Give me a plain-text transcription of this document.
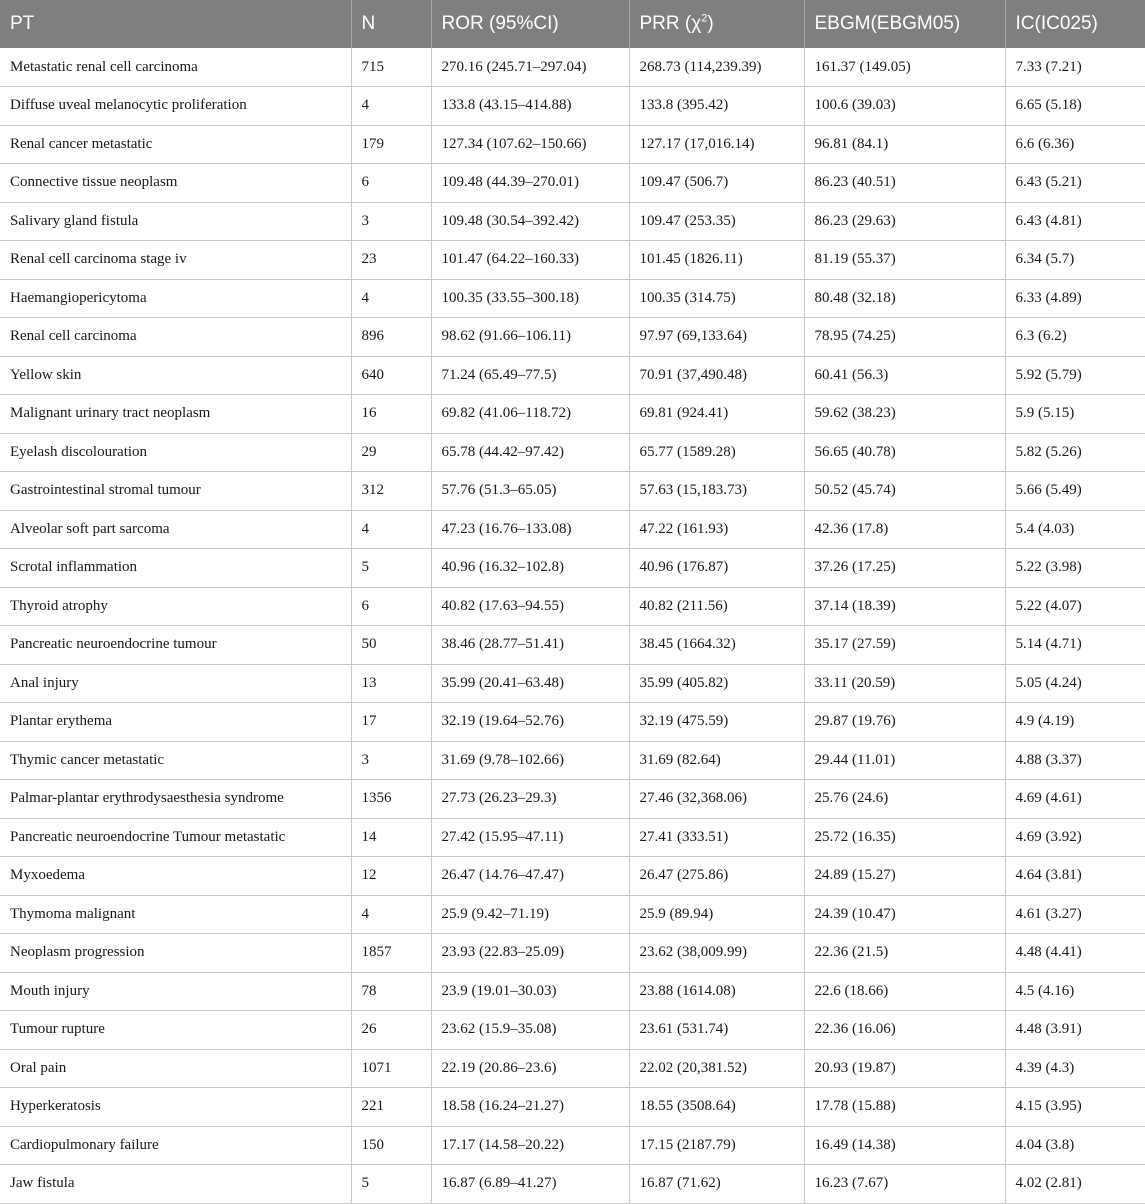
PT	N	ROR (95%CI)	PRR $(\chi^2)$	EBGM(EBGM05)	IC(IC025)
Metastatic renal cell carcinoma	715	270.16 (245.71–297.04)	268.73 (114,239.39)	161.37 (149.05)	7.33 (7.21)
Diffuse uveal melanocytic proliferation	4	133.8 (43.15–414.88)	133.8 (395.42)	100.6 (39.03)	6.65 (5.18)
Renal cancer metastatic	179	127.34 (107.62–150.66)	127.17 (17,016.14)	96.81 (84.1)	6.6 (6.36)
Connective tissue neoplasm	6	109.48 (44.39–270.01)	109.47 (506.7)	86.23 (40.51)	6.43 (5.21)
Salivary gland fistula	3	109.48 (30.54–392.42)	109.47 (253.35)	86.23 (29.63)	6.43 (4.81)
Renal cell carcinoma stage iv	23	101.47 (64.22–160.33)	101.45 (1826.11)	81.19 (55.37)	6.34 (5.7)
Haemangiopericytoma	4	100.35 (33.55–300.18)	100.35 (314.75)	80.48 (32.18)	6.33 (4.89)
Renal cell carcinoma	896	98.62 (91.66–106.11)	97.97 (69,133.64)	78.95 (74.25)	6.3 (6.2)
Yellow skin	640	71.24 (65.49–77.5)	70.91 (37,490.48)	60.41 (56.3)	5.92 (5.79)
Malignant urinary tract neoplasm	16	69.82 (41.06–118.72)	69.81 (924.41)	59.62 (38.23)	5.9 (5.15)
Eyelash discolouration	29	65.78 (44.42–97.42)	65.77 (1589.28)	56.65 (40.78)	5.82 (5.26)
Gastrointestinal stromal tumour	312	57.76 (51.3–65.05)	57.63 (15,183.73)	50.52 (45.74)	5.66 (5.49)
Alveolar soft part sarcoma	4	47.23 (16.76–133.08)	47.22 (161.93)	42.36 (17.8)	5.4 (4.03)
Scrotal inflammation	5	40.96 (16.32–102.8)	40.96 (176.87)	37.26 (17.25)	5.22 (3.98)
Thyroid atrophy	6	40.82 (17.63–94.55)	40.82 (211.56)	37.14 (18.39)	5.22 (4.07)
Pancreatic neuroendocrine tumour	50	38.46 (28.77–51.41)	38.45 (1664.32)	35.17 (27.59)	5.14 (4.71)
Anal injury	13	35.99 (20.41–63.48)	35.99 (405.82)	33.11 (20.59)	5.05 (4.24)
Plantar erythema	17	32.19 (19.64–52.76)	32.19 (475.59)	29.87 (19.76)	4.9 (4.19)
Thymic cancer metastatic	3	31.69 (9.78–102.66)	31.69 (82.64)	29.44 (11.01)	4.88 (3.37)
Palmar-plantar erythrodysaesthesia syndrome	1356	27.73 (26.23–29.3)	27.46 (32,368.06)	25.76 (24.6)	4.69 (4.61)
Pancreatic neuroendocrine Tumour metastatic	14	27.42 (15.95–47.11)	27.41 (333.51)	25.72 (16.35)	4.69 (3.92)
Myxoedema	12	26.47 (14.76–47.47)	26.47 (275.86)	24.89 (15.27)	4.64 (3.81)
Thymoma malignant	4	25.9 (9.42–71.19)	25.9 (89.94)	24.39 (10.47)	4.61 (3.27)
Neoplasm progression	1857	23.93 (22.83–25.09)	23.62 (38,009.99)	22.36 (21.5)	4.48 (4.41)
Mouth injury	78	23.9 (19.01–30.03)	23.88 (1614.08)	22.6 (18.66)	4.5 (4.16)
Tumour rupture	26	23.62 (15.9–35.08)	23.61 (531.74)	22.36 (16.06)	4.48 (3.91)
Oral pain	1071	22.19 (20.86–23.6)	22.02 (20,381.52)	20.93 (19.87)	4.39 (4.3)
Hyperkeratosis	221	18.58 (16.24–21.27)	18.55 (3508.64)	17.78 (15.88)	4.15 (3.95)
Cardiopulmonary failure	150	17.17 (14.58–20.22)	17.15 (2187.79)	16.49 (14.38)	4.04 (3.8)
Jaw fistula	5	16.87 (6.89–41.27)	16.87 (71.62)	16.23 (7.67)	4.02 (2.81)
